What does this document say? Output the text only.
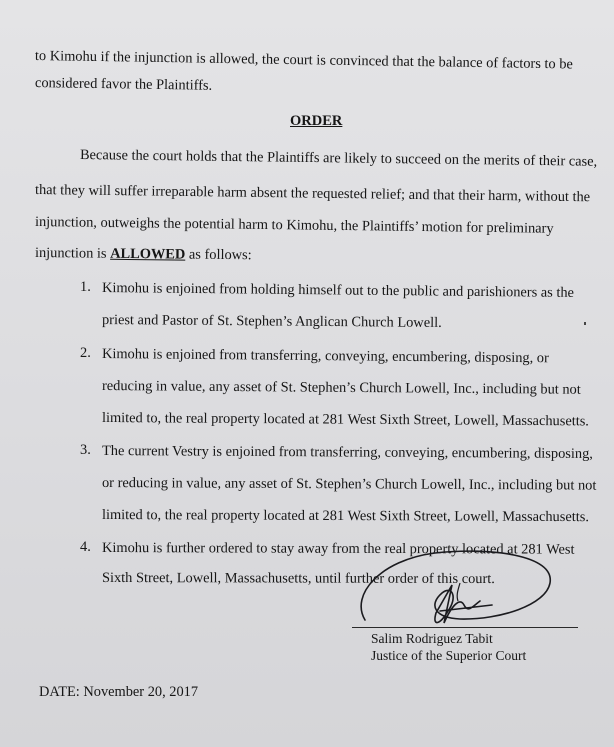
to Kimohu if the injunction is allowed, the court is convinced that the balance of factors to be
considered favor the Plaintiffs.
ORDER
Because the court holds that the Plaintiffs are likely to succeed on the merits of their case,
that they will suffer irreparable harm absent the requested relief; and that their harm, without the
injunction, outweighs the potential harm to Kimohu, the Plaintiffs’ motion for preliminary
injunction is ALLOWED as follows:
1. Kimohu is enjoined from holding himself out to the public and parishioners as the
priest and Pastor of St. Stephen’s Anglican Church Lowell.
2. Kimohu is enjoined from transferring, conveying, encumbering, disposing, or
reducing in value, any asset of St. Stephen’s Church Lowell, Inc., including but not
limited to, the real property located at 281 West Sixth Street, Lowell, Massachusetts.
3. The current Vestry is enjoined from transferring, conveying, encumbering, disposing,
or reducing in value, any asset of St. Stephen’s Church Lowell, Inc., including but not
limited to, the real property located at 281 West Sixth Street, Lowell, Massachusetts.
4. Kimohu is further ordered to stay away from the real property located at 281 West
Sixth Street, Lowell, Massachusetts, until further order of this court.
Salim Rodriguez Tabit
Justice of the Superior Court
DATE: November 20, 2017
